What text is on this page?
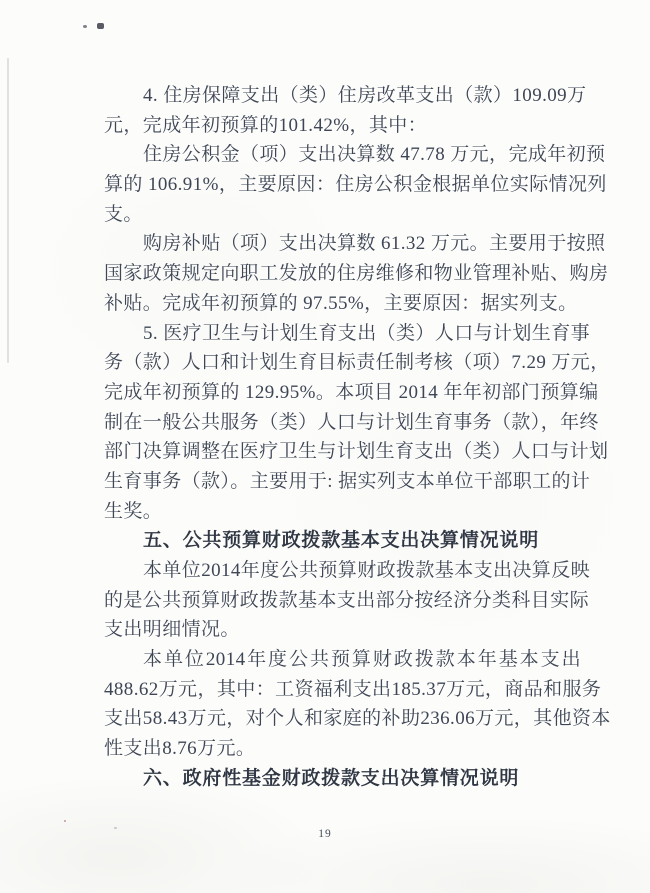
4. 住房保障支出（类）住房改革支出（款）109.09万
元，完成年初预算的101.42%，其中：
住房公积金（项）支出决算数 47.78 万元，完成年初预
算的 106.91%，主要原因：住房公积金根据单位实际情况列
支。
购房补贴（项）支出决算数 61.32 万元。主要用于按照
国家政策规定向职工发放的住房维修和物业管理补贴、购房
补贴。完成年初预算的 97.55%，主要原因：据实列支。
5. 医疗卫生与计划生育支出（类）人口与计划生育事
务（款）人口和计划生育目标责任制考核（项）7.29 万元，
完成年初预算的 129.95%。本项目 2014 年年初部门预算编
制在一般公共服务（类）人口与计划生育事务（款），年终
部门决算调整在医疗卫生与计划生育支出（类）人口与计划
生育事务（款）。主要用于: 据实列支本单位干部职工的计
生奖。
五、公共预算财政拨款基本支出决算情况说明
本单位2014年度公共预算财政拨款基本支出决算反映
的是公共预算财政拨款基本支出部分按经济分类科目实际
支出明细情况。
本单位2014年度公共预算财政拨款本年基本支出
488.62万元，其中：工资福利支出185.37万元，商品和服务
支出58.43万元，对个人和家庭的补助236.06万元，其他资本
性支出8.76万元。
六、政府性基金财政拨款支出决算情况说明
19
